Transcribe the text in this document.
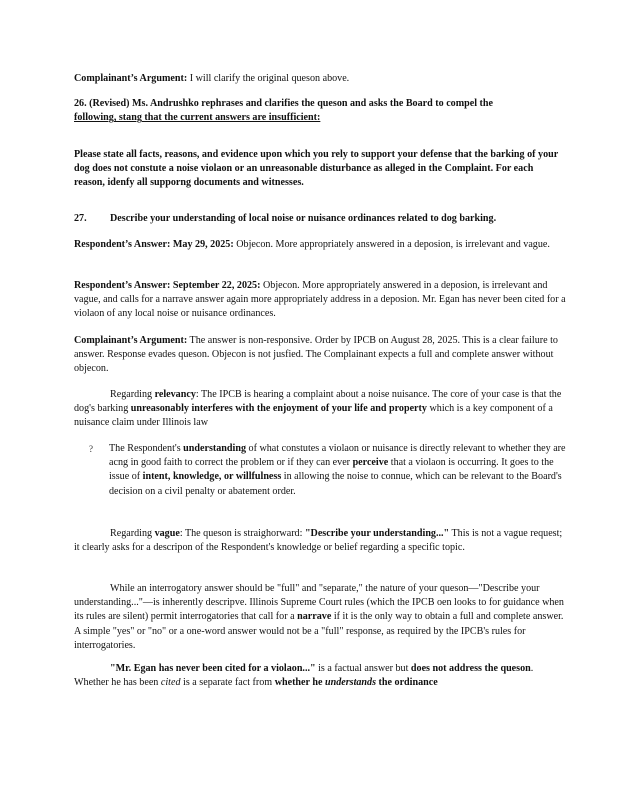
Complainant’s Argument: I will clarify the original queson above.
26. (Revised) Ms. Andrushko rephrases and clarifies the queson and asks the Board to compel the
following, stang that the current answers are insufficient:
Please state all facts, reasons, and evidence upon which you rely to support your defense that the barking of your dog does not constute a noise violaon or an unreasonable disturbance as alleged in the Complaint. For each reason, idenfy all supporng documents and witnesses.
27. Describe your understanding of local noise or nuisance ordinances related to dog barking.
Respondent’s Answer: May 29, 2025: Objecon. More appropriately answered in a deposion, is irrelevant and vague.
Respondent’s Answer: September 22, 2025: Objecon. More appropriately answered in a deposion, is irrelevant and vague, and calls for a narrave answer again more appropriately address in a deposion. Mr. Egan has never been cited for a violaon of any local noise or nuisance ordinances.
Complainant’s Argument: The answer is non-responsive. Order by IPCB on August 28, 2025. This is a clear failure to answer. Response evades queson. Objecon is not jusfied. The Complainant expects a full and complete answer without objecon.
Regarding relevancy: The IPCB is hearing a complaint about a noise nuisance. The core of your case is that the dog's barking unreasonably interferes with the enjoyment of your life and property which is a key component of a nuisance claim under Illinois law
? The Respondent's understanding of what constutes a violaon or nuisance is directly relevant to whether they are acng in good faith to correct the problem or if they can ever perceive that a violaon is occurring. It goes to the issue of intent, knowledge, or willfulness in allowing the noise to connue, which can be relevant to the Board's decision on a civil penalty or abatement order.
Regarding vague: The queson is straighorward: "Describe your understanding..." This is not a vague request; it clearly asks for a descripon of the Respondent's knowledge or belief regarding a specific topic.
While an interrogatory answer should be "full" and "separate," the nature of your queson—"Describe your understanding..."—is inherently descripve. Illinois Supreme Court rules (which the IPCB oen looks to for guidance when its rules are silent) permit interrogatories that call for a narrave if it is the only way to obtain a full and complete answer. A simple "yes" or "no" or a one-word answer would not be a "full" response, as required by the IPCB's rules for interrogatories.
"Mr. Egan has never been cited for a violaon..." is a factual answer but does not address the queson. Whether he has been cited is a separate fact from whether he understands the ordinance
